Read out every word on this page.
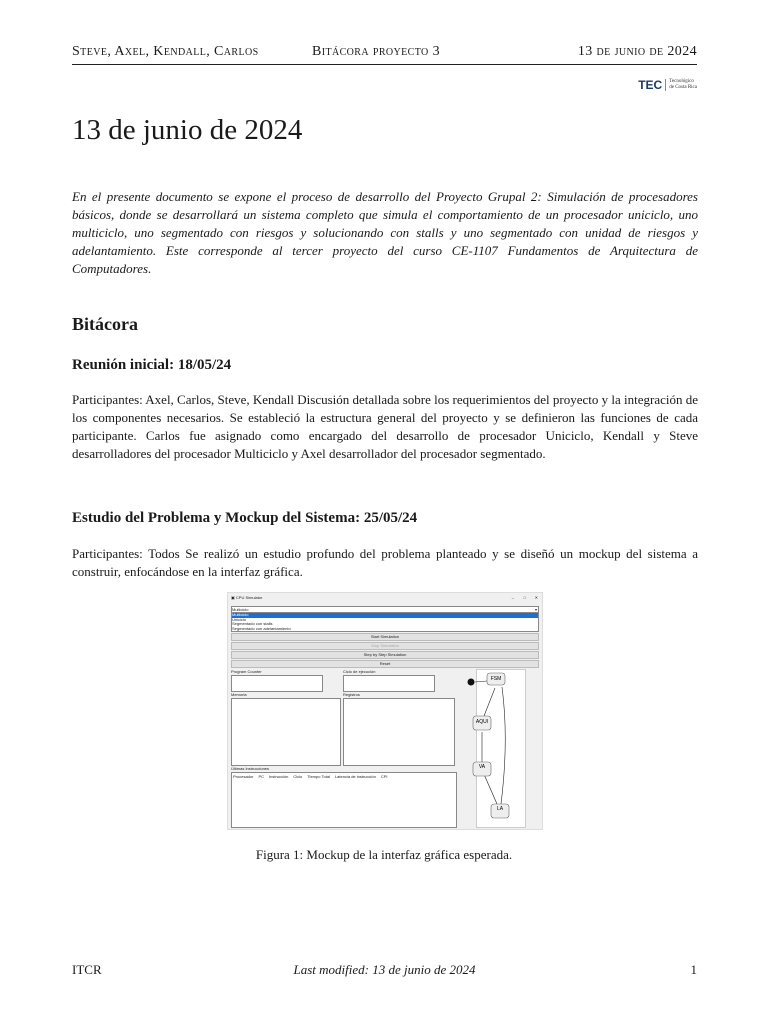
Steve, Axel, Kendall, Carlos	Bitácora proyecto 3	13 de junio de 2024
TEC Tecnológico
de Costa Rica
13 de junio de 2024

En el presente documento se expone el proceso de desarrollo del Proyecto Grupal 2: Simulación de procesadores básicos, donde se desarrollará un sistema completo que simula el comportamiento de un procesador uniciclo, uno multiciclo, uno segmentado con riesgos y solucionando con stalls y uno segmentado con unidad de riesgos y adelantamiento. Este corresponde al tercer proyecto del curso CE-1107 Fundamentos de Arquitectura de Computadores.

Bitácora
Reunión inicial: 18/05/24

Participantes: Axel, Carlos, Steve, Kendall Discusión detallada sobre los requerimientos del proyecto y la integración de los componentes necesarios. Se estableció la estructura general del proyecto y se definieron las funciones de cada participante. Carlos fue asignado como encargado del desarrollo de procesador Uniciclo, Kendall y Steve desarrolladores del procesador Multiciclo y Axel desarrollador del procesador segmentado.

Estudio del Problema y Mockup del Sistema: 25/05/24

Participantes: Todos Se realizó un estudio profundo del problema planteado y se diseñó un mockup del sistema a construir, enfocándose en la interfaz gráfica.

▣ CPU Simulator	– □ ✕
Multiciclo	▾
Multiciclo
Uniciclo
Segmentado con stalls
Segmentado con adelantamiento
Start Simulation
Stop Simulation
Step by Step Simulation
Reset
Program Counter	Ciclo de ejecución
Memoria	Registros
Últimas Instrucciones
Procesador PC Instrucción Ciclo Tiempo Total Latencia de instrucción CPI
FSM
AQUI
VA
LA
Figura 1: Mockup de la interfaz gráfica esperada.
ITCR	Last modified: 13 de junio de 2024	1
